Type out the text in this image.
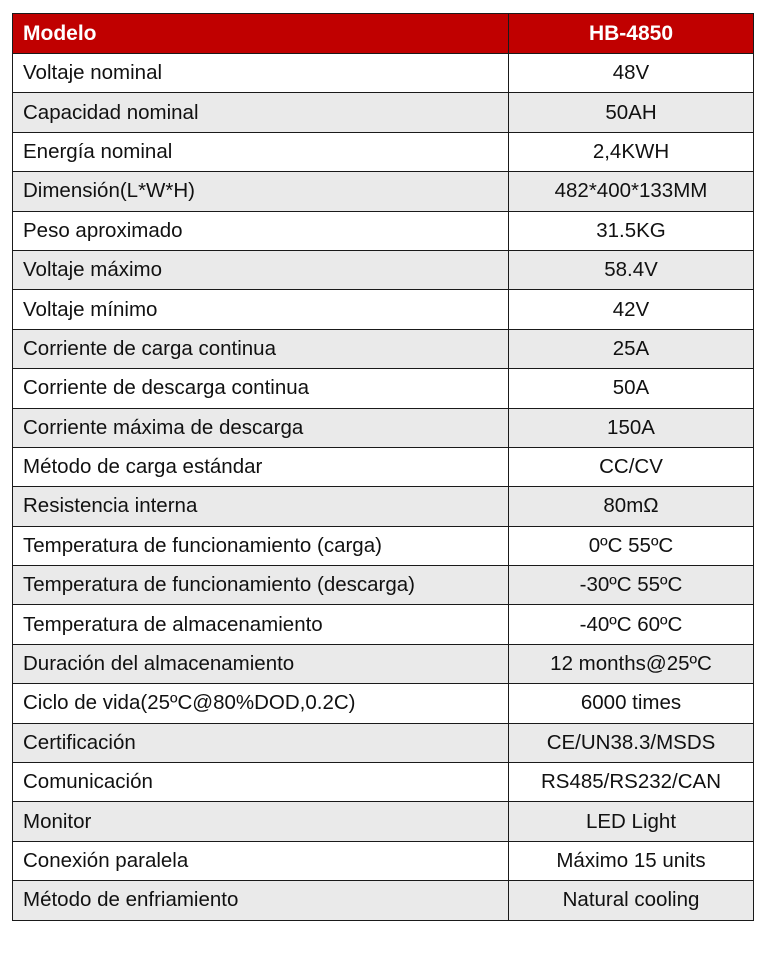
Modelo	HB-4850
Voltaje nominal	48V
Capacidad nominal	50AH
Energía nominal	2,4KWH
Dimensión(L*W*H)	482*400*133MM
Peso aproximado	31.5KG
Voltaje máximo	58.4V
Voltaje mínimo	42V
Corriente de carga continua	25A
Corriente de descarga continua	50A
Corriente máxima de descarga	150A
Método de carga estándar	CC/CV
Resistencia interna	80mΩ
Temperatura de funcionamiento (carga)	0ºC 55ºC
Temperatura de funcionamiento (descarga)	-30ºC 55ºC
Temperatura de almacenamiento	-40ºC 60ºC
Duración del almacenamiento	12 months@25ºC
Ciclo de vida(25ºC@80%DOD,0.2C)	6000 times
Certificación	CE/UN38.3/MSDS
Comunicación	RS485/RS232/CAN
Monitor	LED Light
Conexión paralela	Máximo 15 units
Método de enfriamiento	Natural cooling
